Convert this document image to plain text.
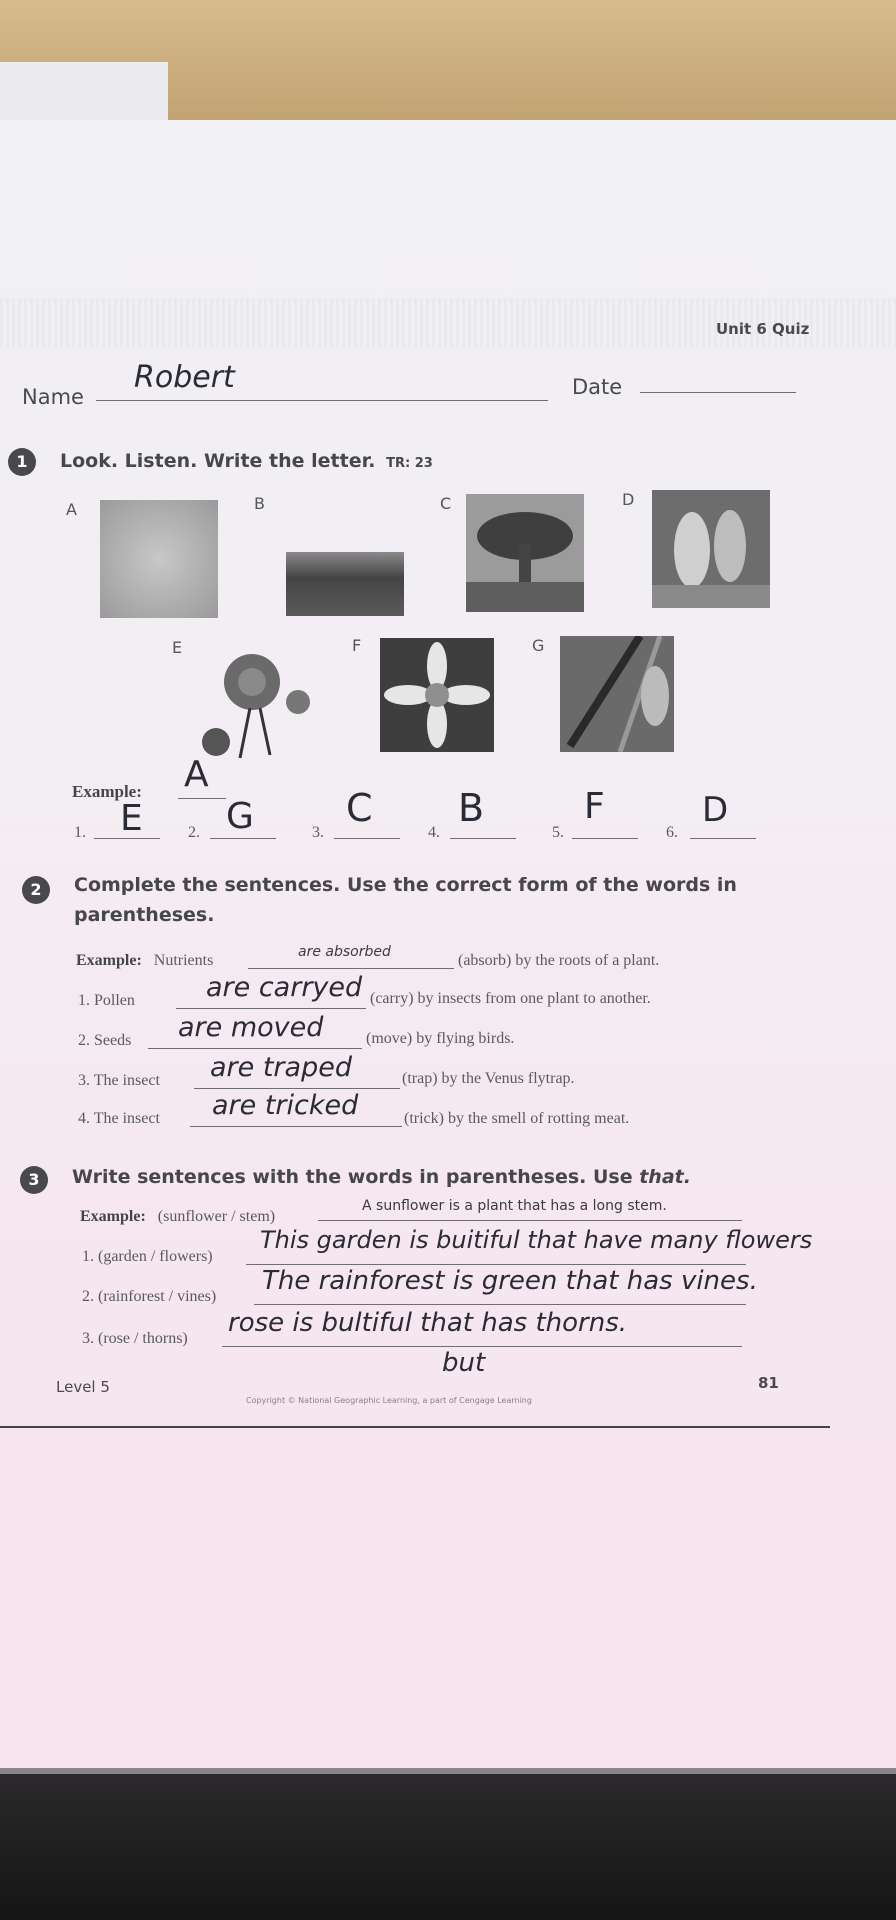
Unit 6 Quiz
Name
Robert	Date
1	Look. Listen. Write the letter. TR: 23
A	B	C	D
E	F	G
Example: A
1. E	2. G	3.
C
4.
B
5.
F
6.
D
2	Complete the sentences. Use the correct form of the words in
parentheses.
Example: Nutrients	are absorbed	(absorb) by the roots of a plant.
1. Pollen	are carryed (carry) by insects from one plant to another.
2. Seeds are moved	(move) by flying birds.
3. The insect are traped	(trap) by the Venus flytrap.
4. The insect are tricked	(trick) by the smell of rotting meat.
3	Write sentences with the words in parentheses. Use that.
Example: (sunflower / stem)
A sunflower is a plant that has a long stem.
1. (garden / flowers)
This garden is buitiful that have many flowers
2. (rainforest / vines)
The rainforest is green that has vines.
3. (rose / thorns)
rose is bultiful that has thorns.
but
Level 5	81
Copyright © National Geographic Learning, a part of Cengage Learning
